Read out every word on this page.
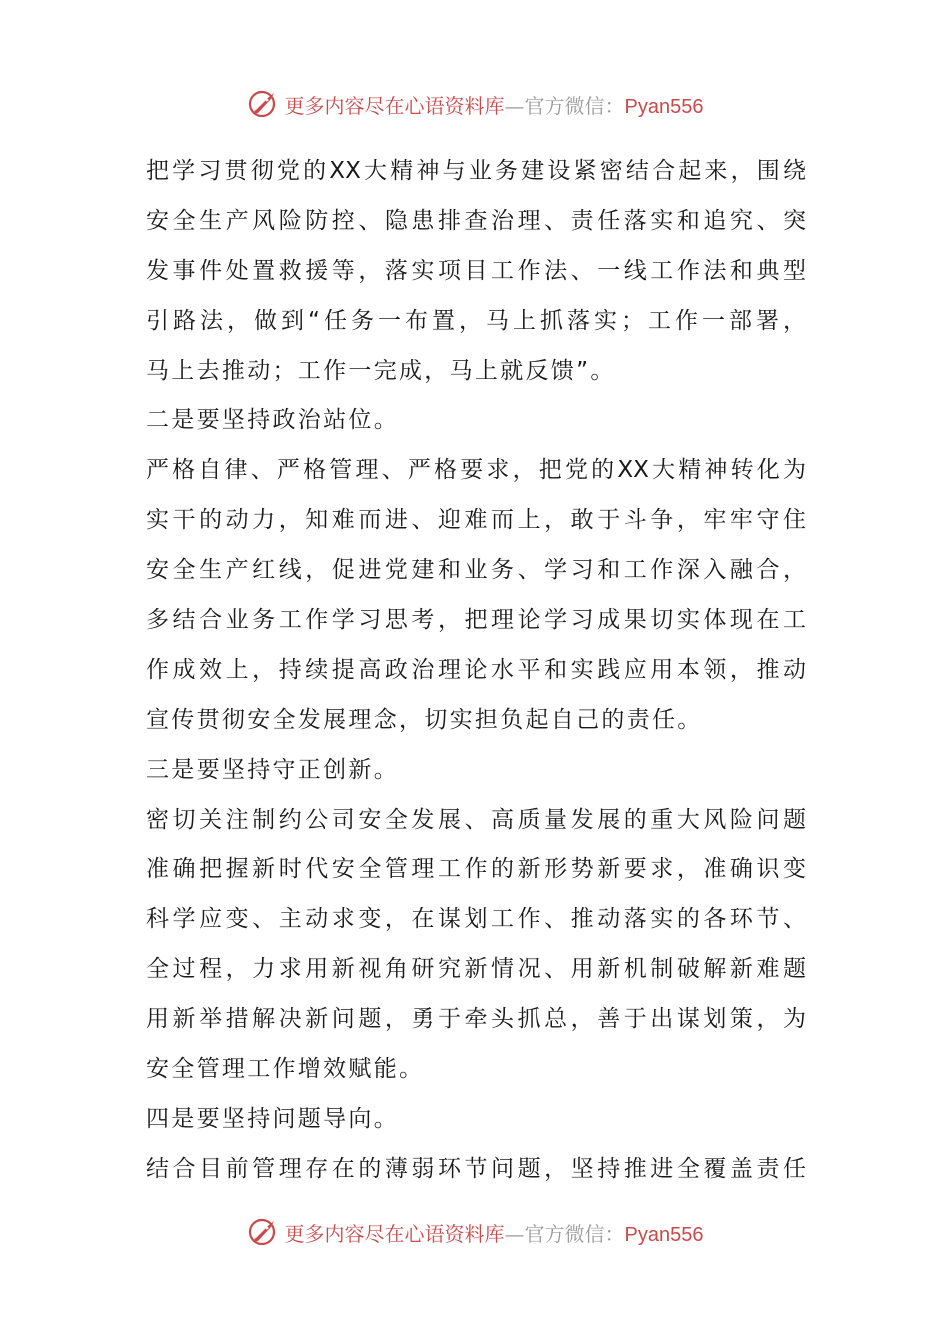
更多内容尽在心语资料库—官方微信：Pyan556
把学习贯彻党的XX大精神与业务建设紧密结合起来，围绕
安全生产风险防控、隐患排查治理、责任落实和追究、突
发事件处置救援等，落实项目工作法、一线工作法和典型
引路法，做到“任务一布置，马上抓落实；工作一部署，
马上去推动；工作一完成，马上就反馈”。
二是要坚持政治站位。
严格自律、严格管理、严格要求，把党的XX大精神转化为
实干的动力，知难而进、迎难而上，敢于斗争，牢牢守住
安全生产红线，促进党建和业务、学习和工作深入融合，
多结合业务工作学习思考，把理论学习成果切实体现在工
作成效上，持续提高政治理论水平和实践应用本领，推动
宣传贯彻安全发展理念，切实担负起自己的责任。
三是要坚持守正创新。
密切关注制约公司安全发展、高质量发展的重大风险问题
准确把握新时代安全管理工作的新形势新要求，准确识变
科学应变、主动求变，在谋划工作、推动落实的各环节、
全过程，力求用新视角研究新情况、用新机制破解新难题
用新举措解决新问题，勇于牵头抓总，善于出谋划策，为
安全管理工作增效赋能。
四是要坚持问题导向。
结合目前管理存在的薄弱环节问题，坚持推进全覆盖责任
更多内容尽在心语资料库—官方微信：Pyan556
